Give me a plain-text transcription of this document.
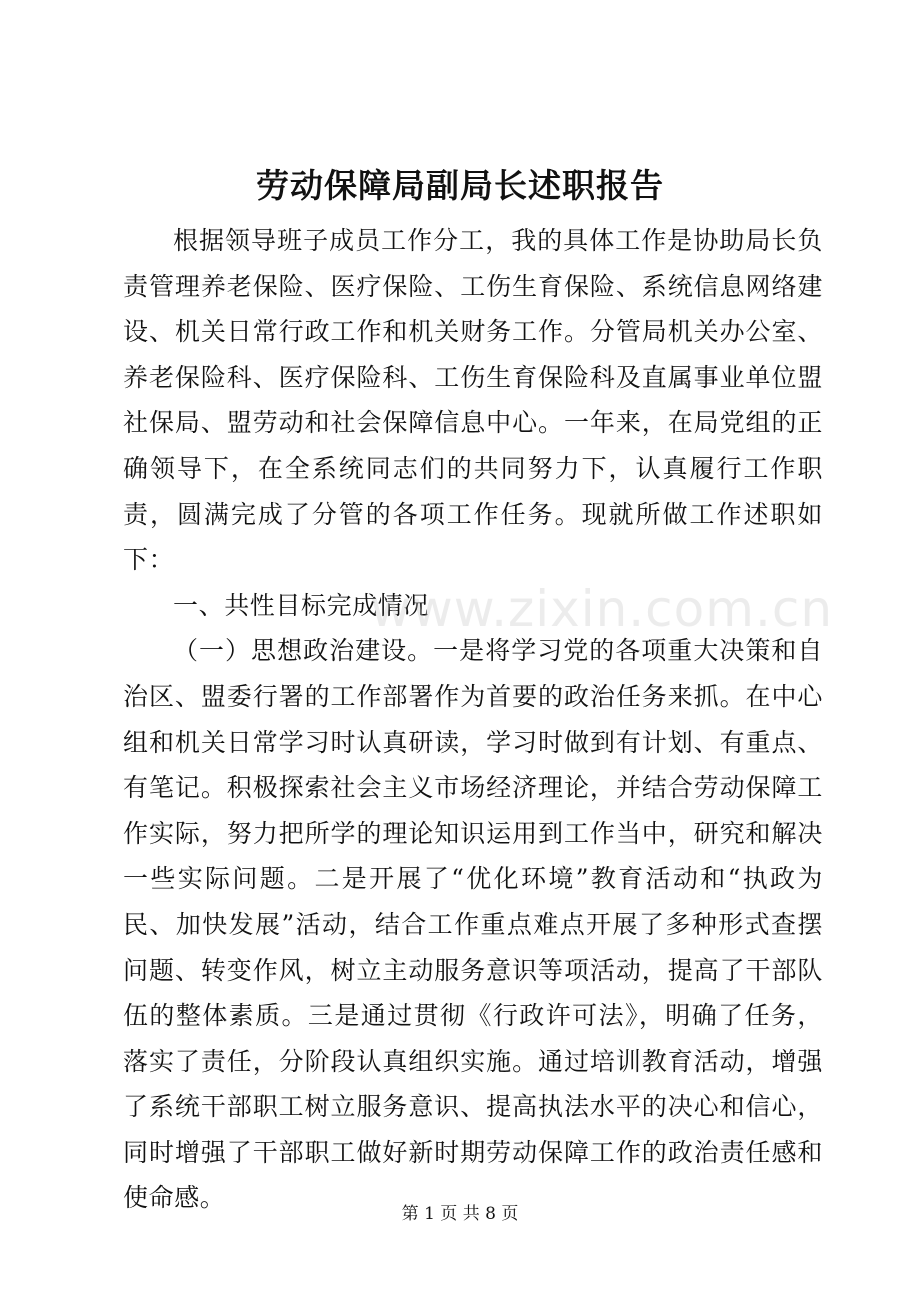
劳动保障局副局长述职报告

根据领导班子成员工作分工，我的具体工作是协助局长负责管理养老保险、医疗保险、工伤生育保险、系统信息网络建设、机关日常行政工作和机关财务工作。分管局机关办公室、养老保险科、医疗保险科、工伤生育保险科及直属事业单位盟社保局、盟劳动和社会保障信息中心。一年来，在局党组的正确领导下，在全系统同志们的共同努力下，认真履行工作职责，圆满完成了分管的各项工作任务。现就所做工作述职如下：

一、共性目标完成情况

（一）思想政治建设。一是将学习党的各项重大决策和自治区、盟委行署的工作部署作为首要的政治任务来抓。在中心组和机关日常学习时认真研读，学习时做到有计划、有重点、有笔记。积极探索社会主义市场经济理论，并结合劳动保障工作实际，努力把所学的理论知识运用到工作当中，研究和解决一些实际问题。二是开展了“优化环境”教育活动和“执政为民、加快发展”活动，结合工作重点难点开展了多种形式查摆问题、转变作风，树立主动服务意识等项活动，提高了干部队伍的整体素质。三是通过贯彻《行政许可法》，明确了任务，落实了责任，分阶段认真组织实施。通过培训教育活动，增强了系统干部职工树立服务意识、提高执法水平的决心和信心，同时增强了干部职工做好新时期劳动保障工作的政治责任感和使命感。

www.zixin.com.cn
第 1 页 共 8 页
